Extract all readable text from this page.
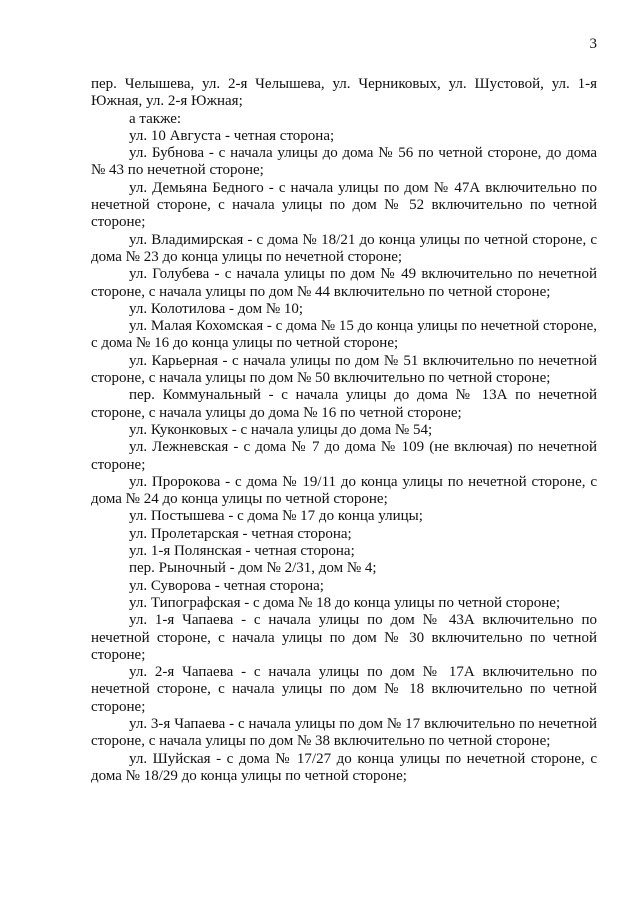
3

пер. Челышева, ул. 2-я Челышева, ул. Черниковых, ул. Шустовой, ул. 1-я Южная, ул. 2-я Южная;

а также:

ул. 10 Августа - четная сторона;

ул. Бубнова - с начала улицы до дома № 56 по четной стороне, до дома № 43 по нечетной стороне;

ул. Демьяна Бедного - с начала улицы по дом № 47А включительно по нечетной стороне, с начала улицы по дом № 52 включительно по четной стороне;

ул. Владимирская - с дома № 18/21 до конца улицы по четной стороне, с дома № 23 до конца улицы по нечетной стороне;

ул. Голубева - с начала улицы по дом № 49 включительно по нечетной стороне, с начала улицы по дом № 44 включительно по четной стороне;

ул. Колотилова - дом № 10;

ул. Малая Кохомская - с дома № 15 до конца улицы по нечетной стороне, с дома № 16 до конца улицы по четной стороне;

ул. Карьерная - с начала улицы по дом № 51 включительно по нечетной стороне, с начала улицы по дом № 50 включительно по четной стороне;

пер. Коммунальный - с начала улицы до дома № 13А по нечетной стороне, с начала улицы до дома № 16 по четной стороне;

ул. Куконковых - с начала улицы до дома № 54;

ул. Лежневская - с дома № 7 до дома № 109 (не включая) по нечетной стороне;

ул. Пророкова - с дома № 19/11 до конца улицы по нечетной стороне, с дома № 24 до конца улицы по четной стороне;

ул. Постышева - с дома № 17 до конца улицы;

ул. Пролетарская - четная сторона;

ул. 1-я Полянская - четная сторона;

пер. Рыночный - дом № 2/31, дом № 4;

ул. Суворова - четная сторона;

ул. Типографская - с дома № 18 до конца улицы по четной стороне;

ул. 1-я Чапаева - с начала улицы по дом № 43А включительно по нечетной стороне, с начала улицы по дом № 30 включительно по четной стороне;

ул. 2-я Чапаева - с начала улицы по дом № 17А включительно по нечетной стороне, с начала улицы по дом № 18 включительно по четной стороне;

ул. 3-я Чапаева - с начала улицы по дом № 17 включительно по нечетной стороне, с начала улицы по дом № 38 включительно по четной стороне;

ул. Шуйская - с дома № 17/27 до конца улицы по нечетной стороне, с дома № 18/29 до конца улицы по четной стороне;
